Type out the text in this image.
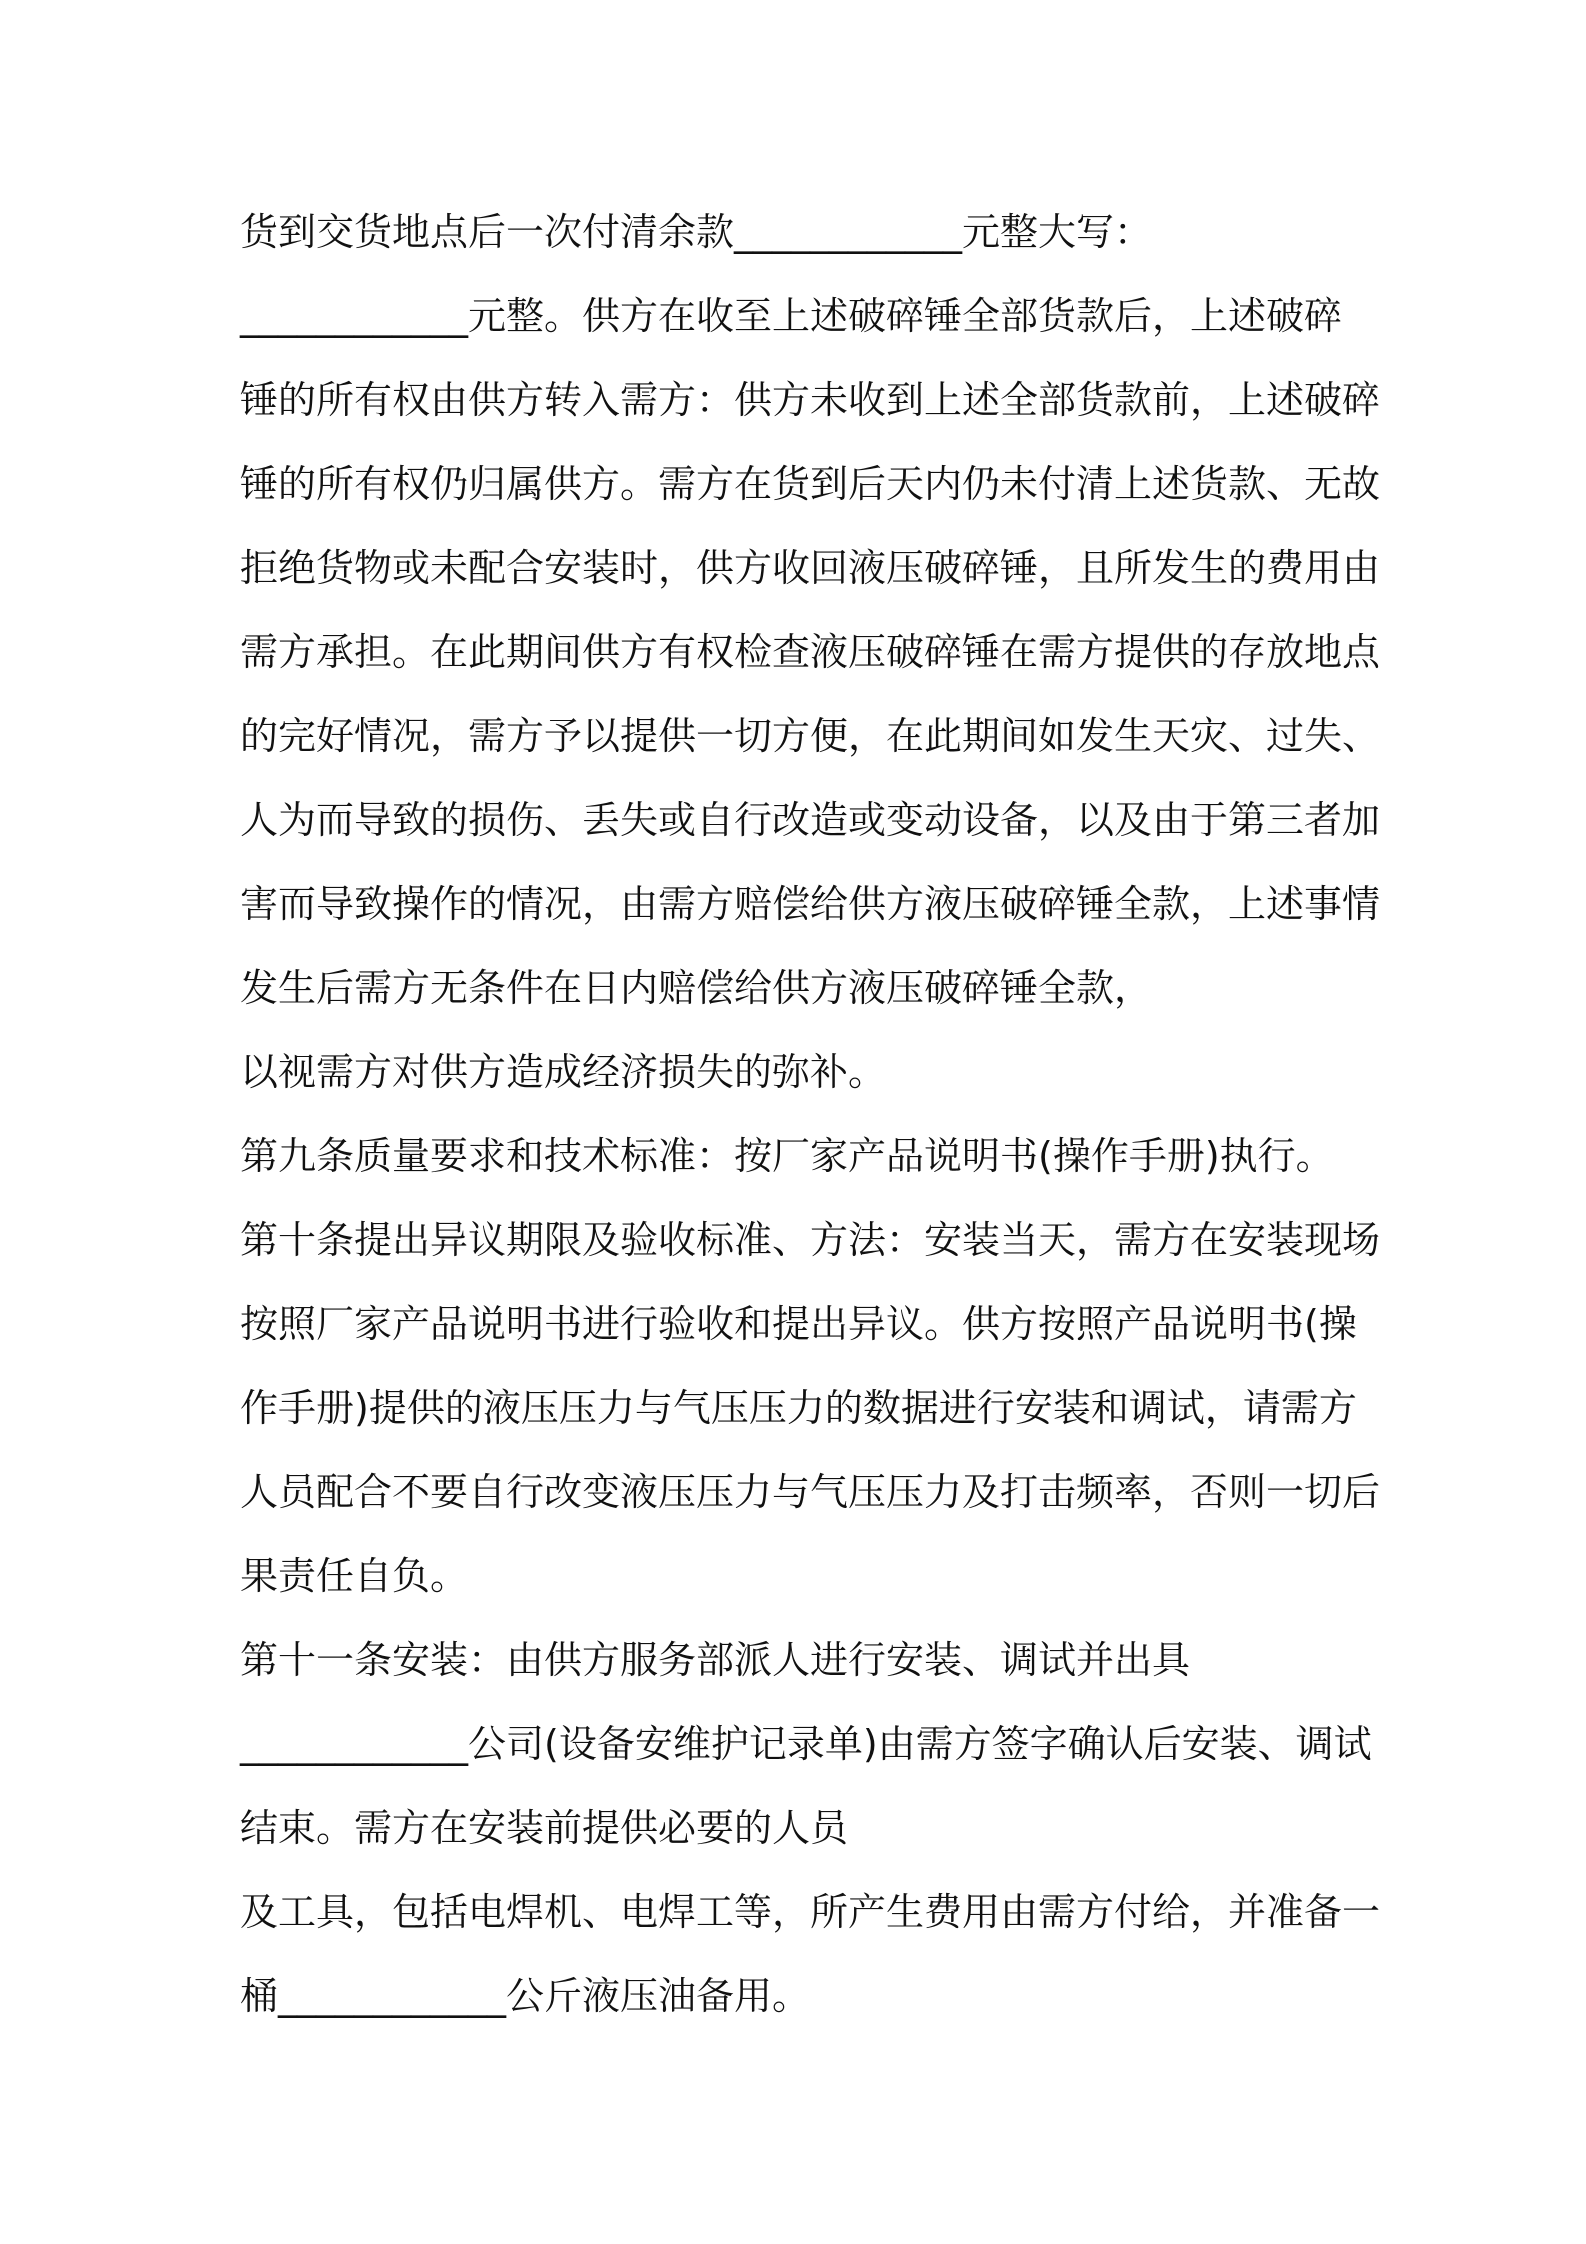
货到交货地点后一次付清余款____________元整大写：
____________元整。供方在收至上述破碎锤全部货款后，上述破碎
锤的所有权由供方转入需方：供方未收到上述全部货款前，上述破碎
锤的所有权仍归属供方。需方在货到后天内仍未付清上述货款、无故
拒绝货物或未配合安装时，供方收回液压破碎锤，且所发生的费用由
需方承担。在此期间供方有权检查液压破碎锤在需方提供的存放地点
的完好情况，需方予以提供一切方便，在此期间如发生天灾、过失、
人为而导致的损伤、丢失或自行改造或变动设备，以及由于第三者加
害而导致操作的情况，由需方赔偿给供方液压破碎锤全款，上述事情
发生后需方无条件在日内赔偿给供方液压破碎锤全款，
以视需方对供方造成经济损失的弥补。
第九条质量要求和技术标准：按厂家产品说明书(操作手册)执行。
第十条提出异议期限及验收标准、方法：安装当天，需方在安装现场
按照厂家产品说明书进行验收和提出异议。供方按照产品说明书(操
作手册)提供的液压压力与气压压力的数据进行安装和调试，请需方
人员配合不要自行改变液压压力与气压压力及打击频率，否则一切后
果责任自负。
第十一条安装：由供方服务部派人进行安装、调试并出具
____________公司(设备安维护记录单)由需方签字确认后安装、调试
结束。需方在安装前提供必要的人员
及工具，包括电焊机、电焊工等，所产生费用由需方付给，并准备一
桶____________公斤液压油备用。
